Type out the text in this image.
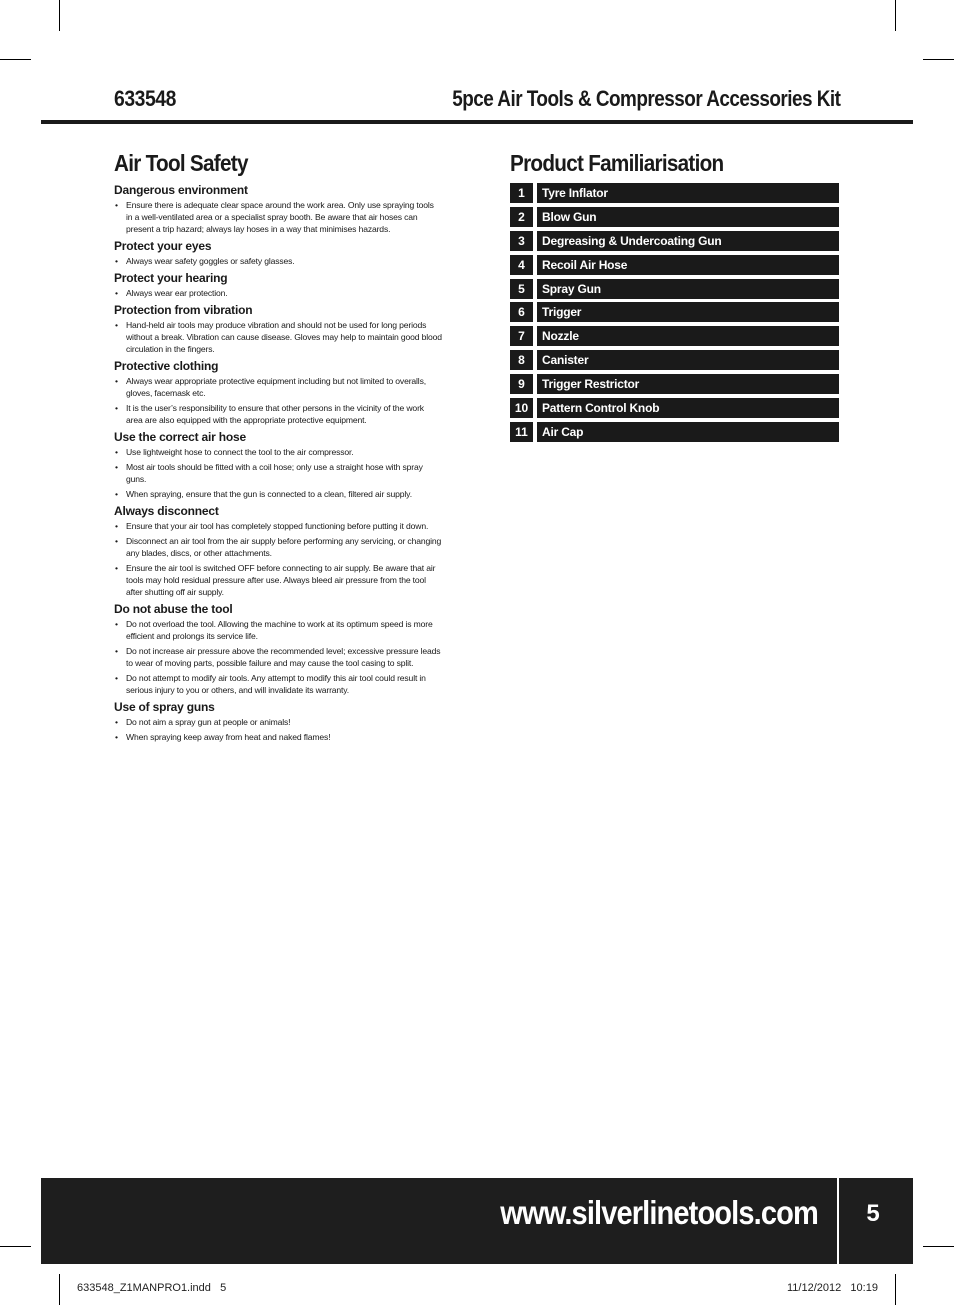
633548	5pce Air Tools & Compressor Accessories Kit
Air Tool Safety
Dangerous environment
• Ensure there is adequate clear space around the work area. Only use spraying tools in a well-ventilated area or a specialist spray booth. Be aware that air hoses can present a trip hazard; always lay hoses in a way that minimises hazards.
Protect your eyes
• Always wear safety goggles or safety glasses.
Protect your hearing
• Always wear ear protection.
Protection from vibration
• Hand-held air tools may produce vibration and should not be used for long periods without a break. Vibration can cause disease. Gloves may help to maintain good blood circulation in the fingers.
Protective clothing
• Always wear appropriate protective equipment including but not limited to overalls, gloves, facemask etc.
• It is the user’s responsibility to ensure that other persons in the vicinity of the work area are also equipped with the appropriate protective equipment.
Use the correct air hose
• Use lightweight hose to connect the tool to the air compressor.
• Most air tools should be fitted with a coil hose; only use a straight hose with spray guns.
• When spraying, ensure that the gun is connected to a clean, filtered air supply.
Always disconnect
• Ensure that your air tool has completely stopped functioning before putting it down.
• Disconnect an air tool from the air supply before performing any servicing, or changing any blades, discs, or other attachments.
• Ensure the air tool is switched OFF before connecting to air supply. Be aware that air tools may hold residual pressure after use. Always bleed air pressure from the tool after shutting off air supply.
Do not abuse the tool
• Do not overload the tool. Allowing the machine to work at its optimum speed is more efficient and prolongs its service life.
• Do not increase air pressure above the recommended level; excessive pressure leads to wear of moving parts, possible failure and may cause the tool casing to split.
• Do not attempt to modify air tools. Any attempt to modify this air tool could result in serious injury to you or others, and will invalidate its warranty.
Use of spray guns
• Do not aim a spray gun at people or animals!
• When spraying keep away from heat and naked flames!
Product Familiarisation
1	Tyre Inflator
2	Blow Gun
3	Degreasing & Undercoating Gun
4	Recoil Air Hose
5	Spray Gun
6	Trigger
7	Nozzle
8	Canister
9	Trigger Restrictor
10	Pattern Control Knob
11	Air Cap
www.silverlinetools.com	5
633548_Z1MANPRO1.indd   5	11/12/2012   10:19
